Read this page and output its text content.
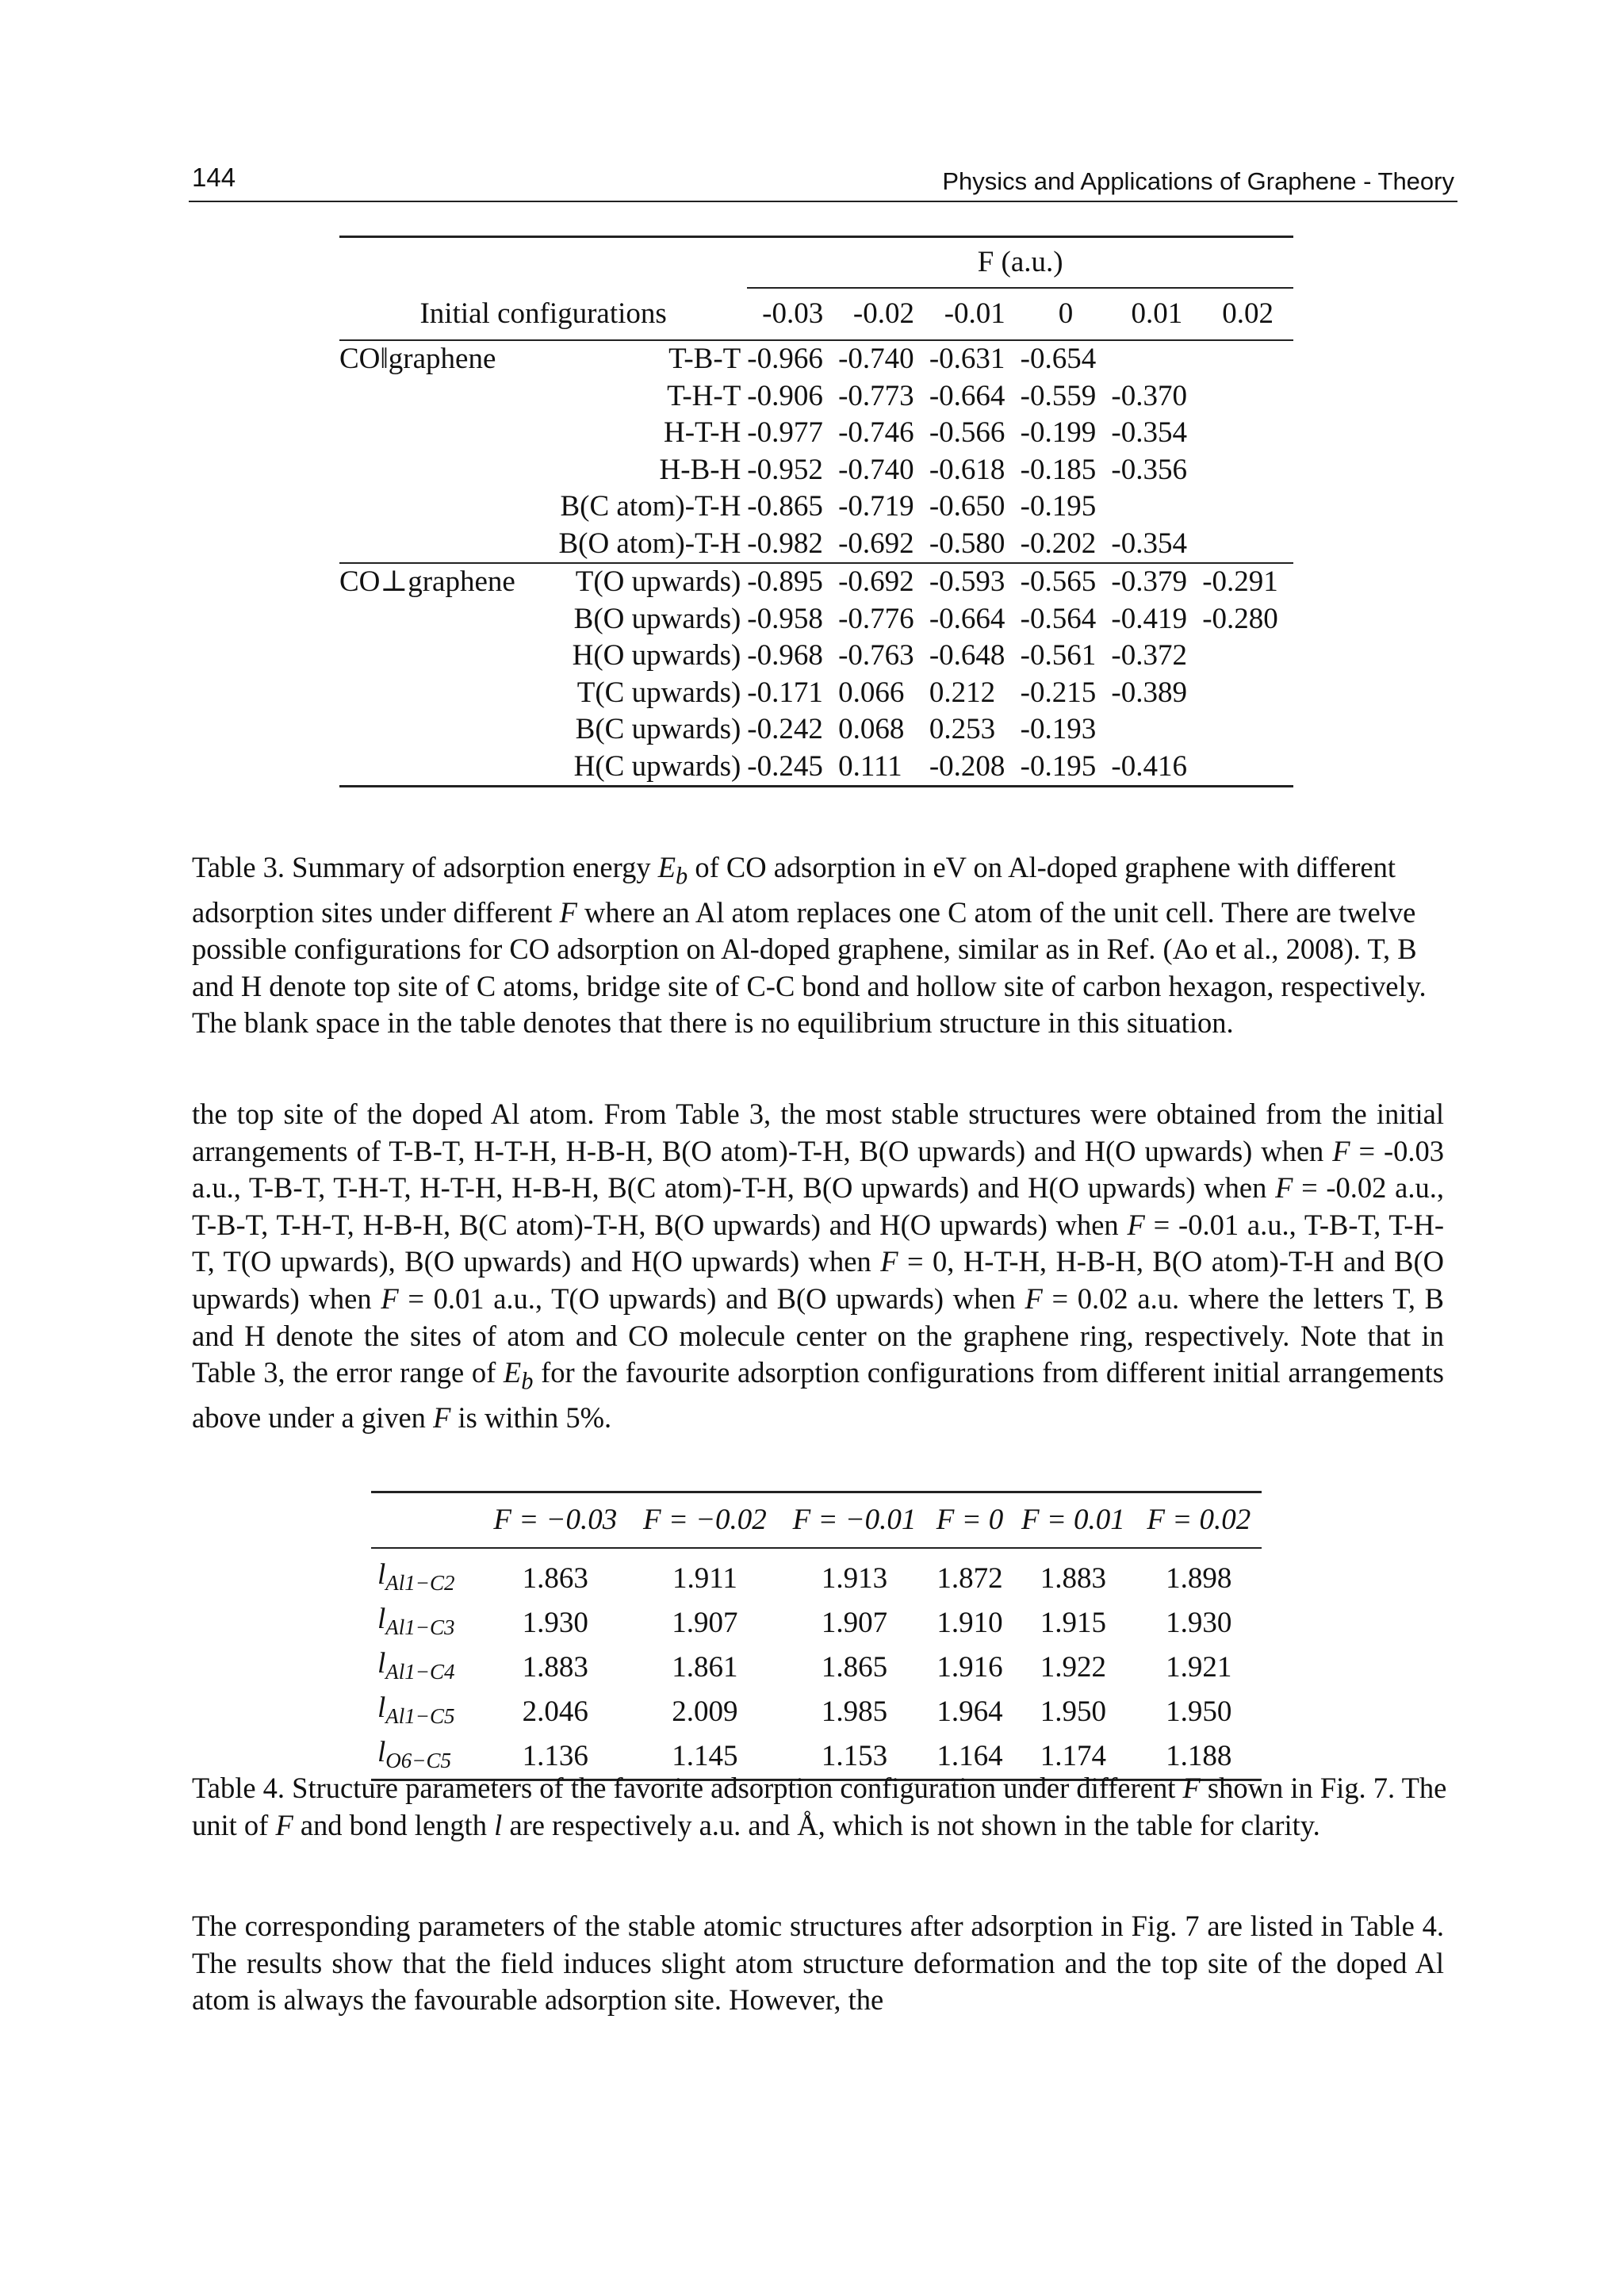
144	Physics and Applications of Graphene - Theory
		F (a.u.)					

Initial configurations		-0.03	-0.02	-0.01	0	0.01	0.02
CO‖graphene	T-B-T	-0.966	-0.740	-0.631	-0.654		
	T-H-T	-0.906	-0.773	-0.664	-0.559	-0.370	
	H-T-H	-0.977	-0.746	-0.566	-0.199	-0.354	
	H-B-H	-0.952	-0.740	-0.618	-0.185	-0.356	
	B(C atom)-T-H	-0.865	-0.719	-0.650	-0.195		
	B(O atom)-T-H	-0.982	-0.692	-0.580	-0.202	-0.354	
CO⊥graphene	T(O upwards)	-0.895	-0.692	-0.593	-0.565	-0.379	-0.291
	B(O upwards)	-0.958	-0.776	-0.664	-0.564	-0.419	-0.280
	H(O upwards)	-0.968	-0.763	-0.648	-0.561	-0.372	
	T(C upwards)	-0.171	0.066	0.212	-0.215	-0.389	
	B(C upwards)	-0.242	0.068	0.253	-0.193		
	H(C upwards)	-0.245	0.111	-0.208	-0.195	-0.416	
Table 3. Summary of adsorption energy $E_b$ of CO adsorption in eV on Al-doped graphene with different adsorption sites under different F where an Al atom replaces one C atom of the unit cell. There are twelve possible configurations for CO adsorption on Al-doped graphene, similar as in Ref. (Ao et al., 2008). T, B and H denote top site of C atoms, bridge site of C-C bond and hollow site of carbon hexagon, respectively. The blank space in the table denotes that there is no equilibrium structure in this situation.
the top site of the doped Al atom. From Table 3, the most stable structures were obtained from the initial arrangements of T-B-T, H-T-H, H-B-H, B(O atom)-T-H, B(O upwards) and H(O upwards) when F = -0.03 a.u., T-B-T, T-H-T, H-T-H, H-B-H, B(C atom)-T-H, B(O upwards) and H(O upwards) when F = -0.02 a.u., T-B-T, T-H-T, H-B-H, B(C atom)-T-H, B(O upwards) and H(O upwards) when F = -0.01 a.u., T-B-T, T-H-T, T(O upwards), B(O upwards) and H(O upwards) when F = 0, H-T-H, H-B-H, B(O atom)-T-H and B(O upwards) when F = 0.01 a.u., T(O upwards) and B(O upwards) when F = 0.02 a.u. where the letters T, B and H denote the sites of atom and CO molecule center on the graphene ring, respectively. Note that in Table 3, the error range of $E_b$ for the favourite adsorption configurations from different initial arrangements above under a given F is within 5%.
	F = −0.03	F = −0.02	F = −0.01	F = 0	F = 0.01	F = 0.02
$l_{Al1-C2}$	1.863	1.911	1.913	1.872	1.883	1.898
$l_{Al1-C3}$	1.930	1.907	1.907	1.910	1.915	1.930
$l_{Al1-C4}$	1.883	1.861	1.865	1.916	1.922	1.921
$l_{Al1-C5}$	2.046	2.009	1.985	1.964	1.950	1.950
$l_{O6-C5}$	1.136	1.145	1.153	1.164	1.174	1.188
Table 4. Structure parameters of the favorite adsorption configuration under different F shown in Fig. 7. The unit of F and bond length l are respectively a.u. and Å, which is not shown in the table for clarity.
The corresponding parameters of the stable atomic structures after adsorption in Fig. 7 are listed in Table 4. The results show that the field induces slight atom structure deformation and the top site of the doped Al atom is always the favourable adsorption site. However, the
